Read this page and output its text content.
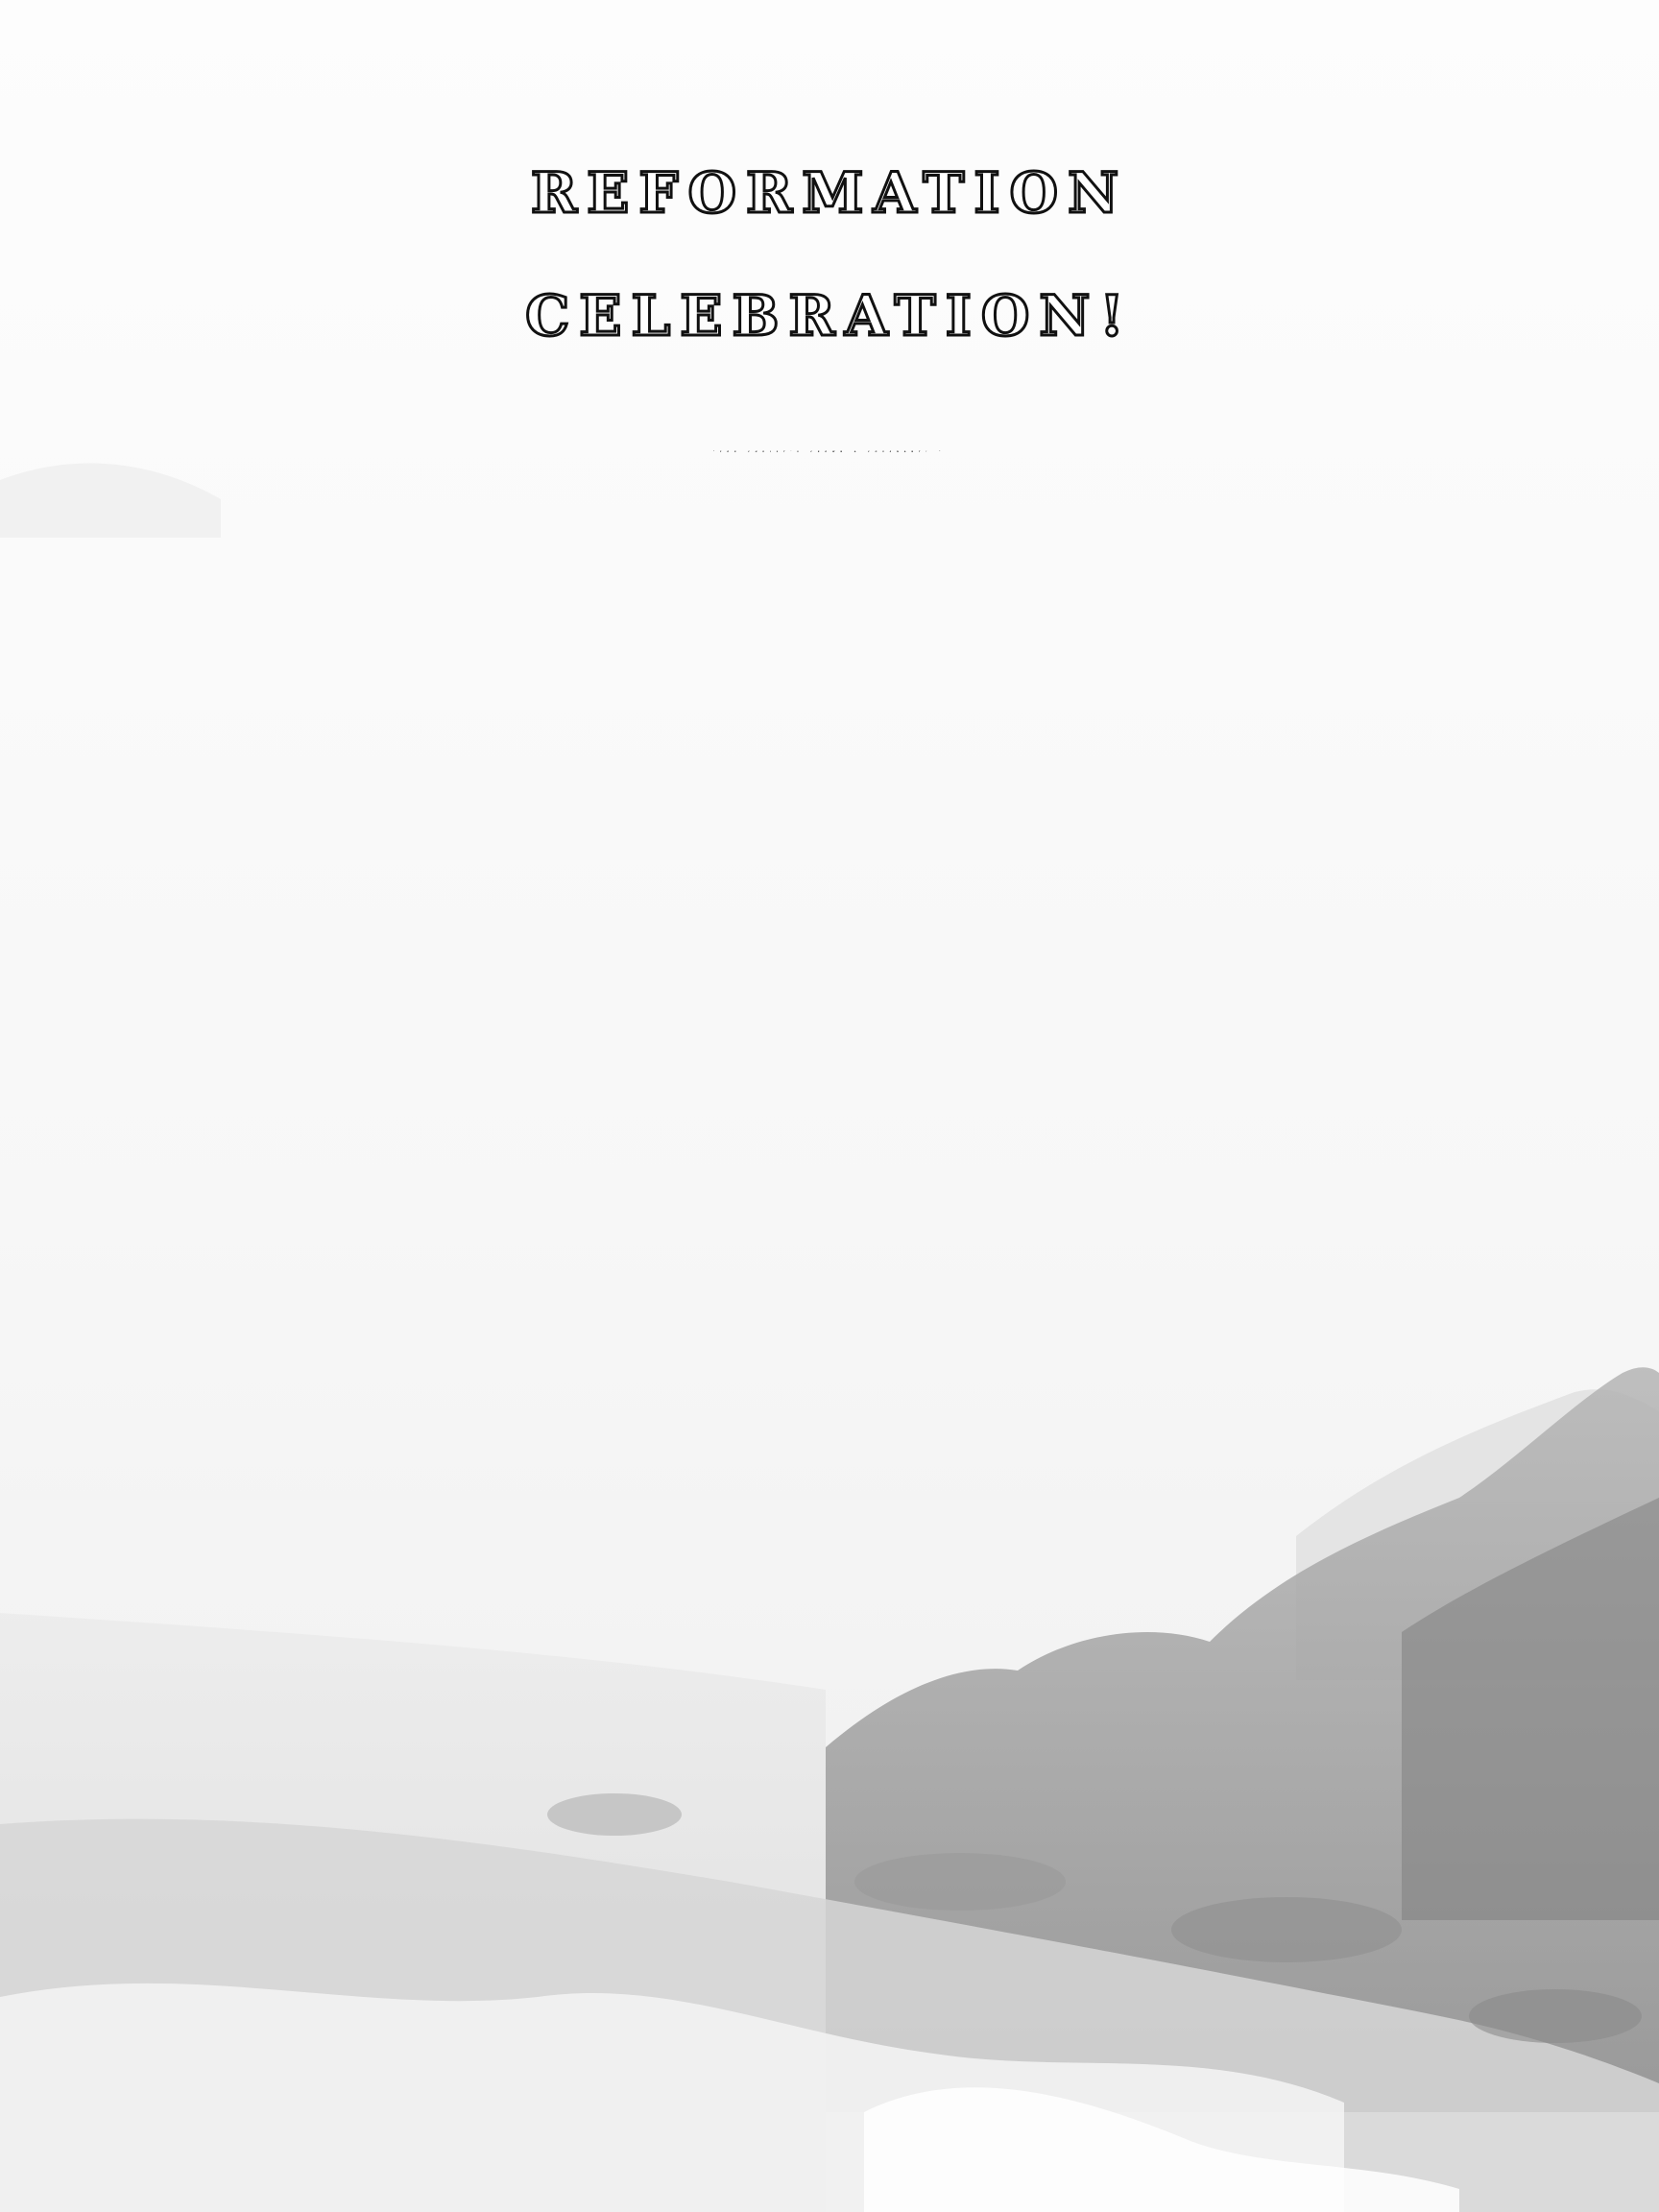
REFORMATION
CELEBRATION!
”FOR CHRIST’S CROWN & COVENANT! ”
